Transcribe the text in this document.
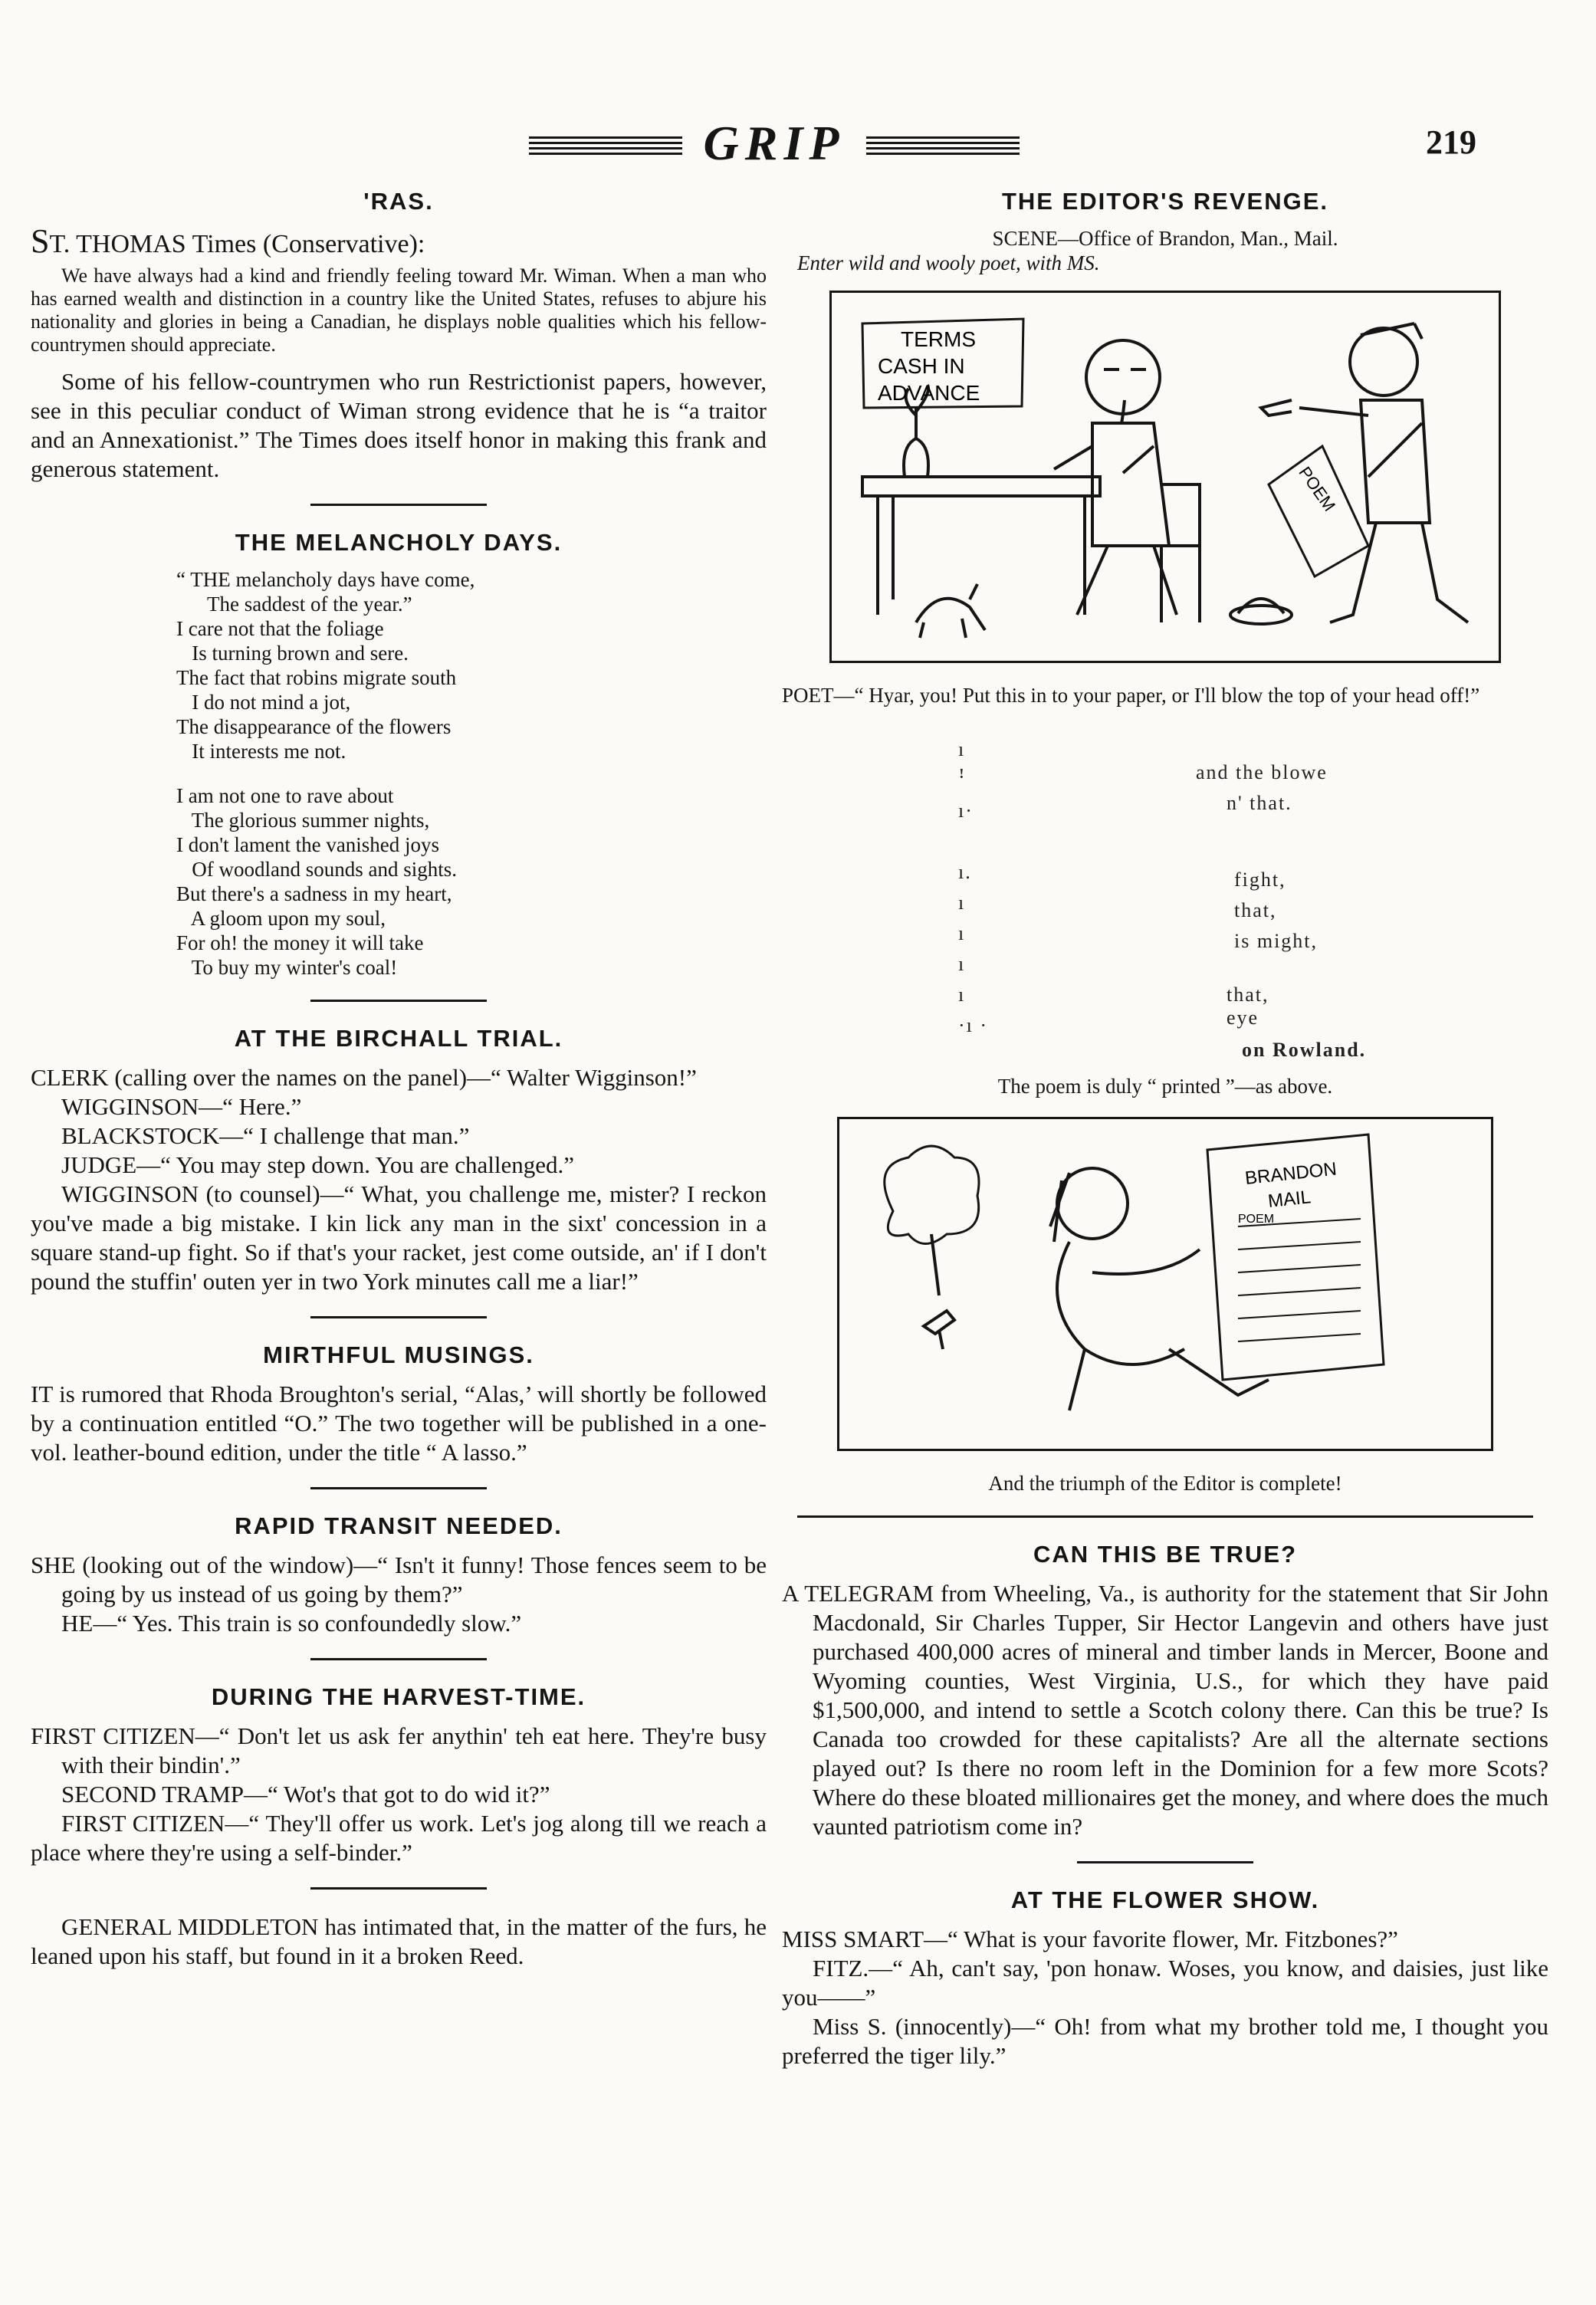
GRIP	219
'RAS.

ST. THOMAS Times (Conservative):

We have always had a kind and friendly feeling toward Mr. Wiman. When a man who has earned wealth and distinction in a country like the United States, refuses to abjure his nationality and glories in being a Canadian, he displays noble qualities which his fellow-countrymen should appreciate.

Some of his fellow-countrymen who run Restrictionist papers, however, see in this peculiar conduct of Wiman strong evidence that he is “a traitor and an Annexationist.” The Times does itself honor in making this frank and generous statement.

THE MELANCHOLY DAYS.
“ THE melancholy days have come,
The saddest of the year.”
I care not that the foliage
Is turning brown and sere.
The fact that robins migrate south
I do not mind a jot,
The disappearance of the flowers
It interests me not.
I am not one to rave about
The glorious summer nights,
I don't lament the vanished joys
Of woodland sounds and sights.
But there's a sadness in my heart,
A gloom upon my soul,
For oh! the money it will take
To buy my winter's coal!
AT THE BIRCHALL TRIAL.

CLERK (calling over the names on the panel)—“ Walter Wigginson!”

WIGGINSON—“ Here.”

BLACKSTOCK—“ I challenge that man.”

JUDGE—“ You may step down. You are challenged.”

WIGGINSON (to counsel)—“ What, you challenge me, mister? I reckon you've made a big mistake. I kin lick any man in the sixt' concession in a square stand-up fight. So if that's your racket, jest come outside, an' if I don't pound the stuffin' outen yer in two York minutes call me a liar!”

MIRTHFUL MUSINGS.

IT is rumored that Rhoda Broughton's serial, “Alas,’ will shortly be followed by a continuation entitled “O.” The two together will be published in a one-vol. leather-bound edition, under the title “ A lasso.”

RAPID TRANSIT NEEDED.

SHE (looking out of the window)—“ Isn't it funny! Those fences seem to be going by us instead of us going by them?”

HE—“ Yes. This train is so confoundedly slow.”

DURING THE HARVEST-TIME.

FIRST CITIZEN—“ Don't let us ask fer anythin' teh eat here. They're busy with their bindin'.”

SECOND TRAMP—“ Wot's that got to do wid it?”

FIRST CITIZEN—“ They'll offer us work. Let's jog along till we reach a place where they're using a self-binder.”

GENERAL MIDDLETON has intimated that, in the matter of the furs, he leaned upon his staff, but found in it a broken Reed.

THE EDITOR'S REVENGE.

SCENE—Office of Brandon, Man., Mail.

Enter wild and wooly poet, with MS.

TERMS
CASH IN
ADVANCE
POEM

POET—“ Hyar, you! Put this in to your paper, or I'll blow the top of your head off!”

ı
ꜝ
ı·
ı.
ı
ı
ı
ı
·ı ·
and the blowe
n' that.
fight,
that,
is might,
that,
eye
on Rowland.

The poem is duly “ printed ”—as above.

BRANDON
MAIL
POEM

And the triumph of the Editor is complete!

CAN THIS BE TRUE?

A TELEGRAM from Wheeling, Va., is authority for the statement that Sir John Macdonald, Sir Charles Tupper, Sir Hector Langevin and others have just purchased 400,000 acres of mineral and timber lands in Mercer, Boone and Wyoming counties, West Virginia, U.S., for which they have paid $1,500,000, and intend to settle a Scotch colony there. Can this be true? Is Canada too crowded for these capitalists? Are all the alternate sections played out? Is there no room left in the Dominion for a few more Scots? Where do these bloated millionaires get the money, and where does the much vaunted patriotism come in?

AT THE FLOWER SHOW.

MISS SMART—“ What is your favorite flower, Mr. Fitzbones?”

FITZ.—“ Ah, can't say, 'pon honaw. Woses, you know, and daisies, just like you——”

Miss S. (innocently)—“ Oh! from what my brother told me, I thought you preferred the tiger lily.”
